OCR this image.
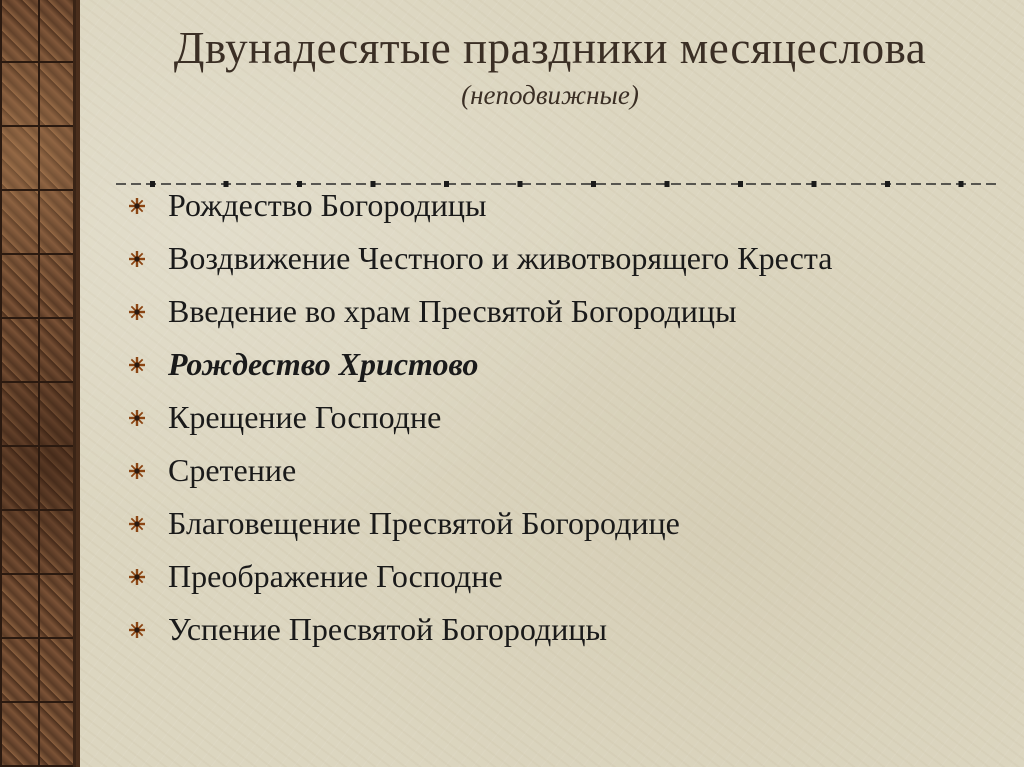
Двунадесятые праздники месяцеслова
(неподвижные)
Рождество Богородицы
Воздвижение Честного и животворящего Креста
Введение во храм Пресвятой Богородицы
Рождество Христово
Крещение Господне
Сретение
Благовещение Пресвятой Богородице
Преображение Господне
Успение Пресвятой Богородицы
